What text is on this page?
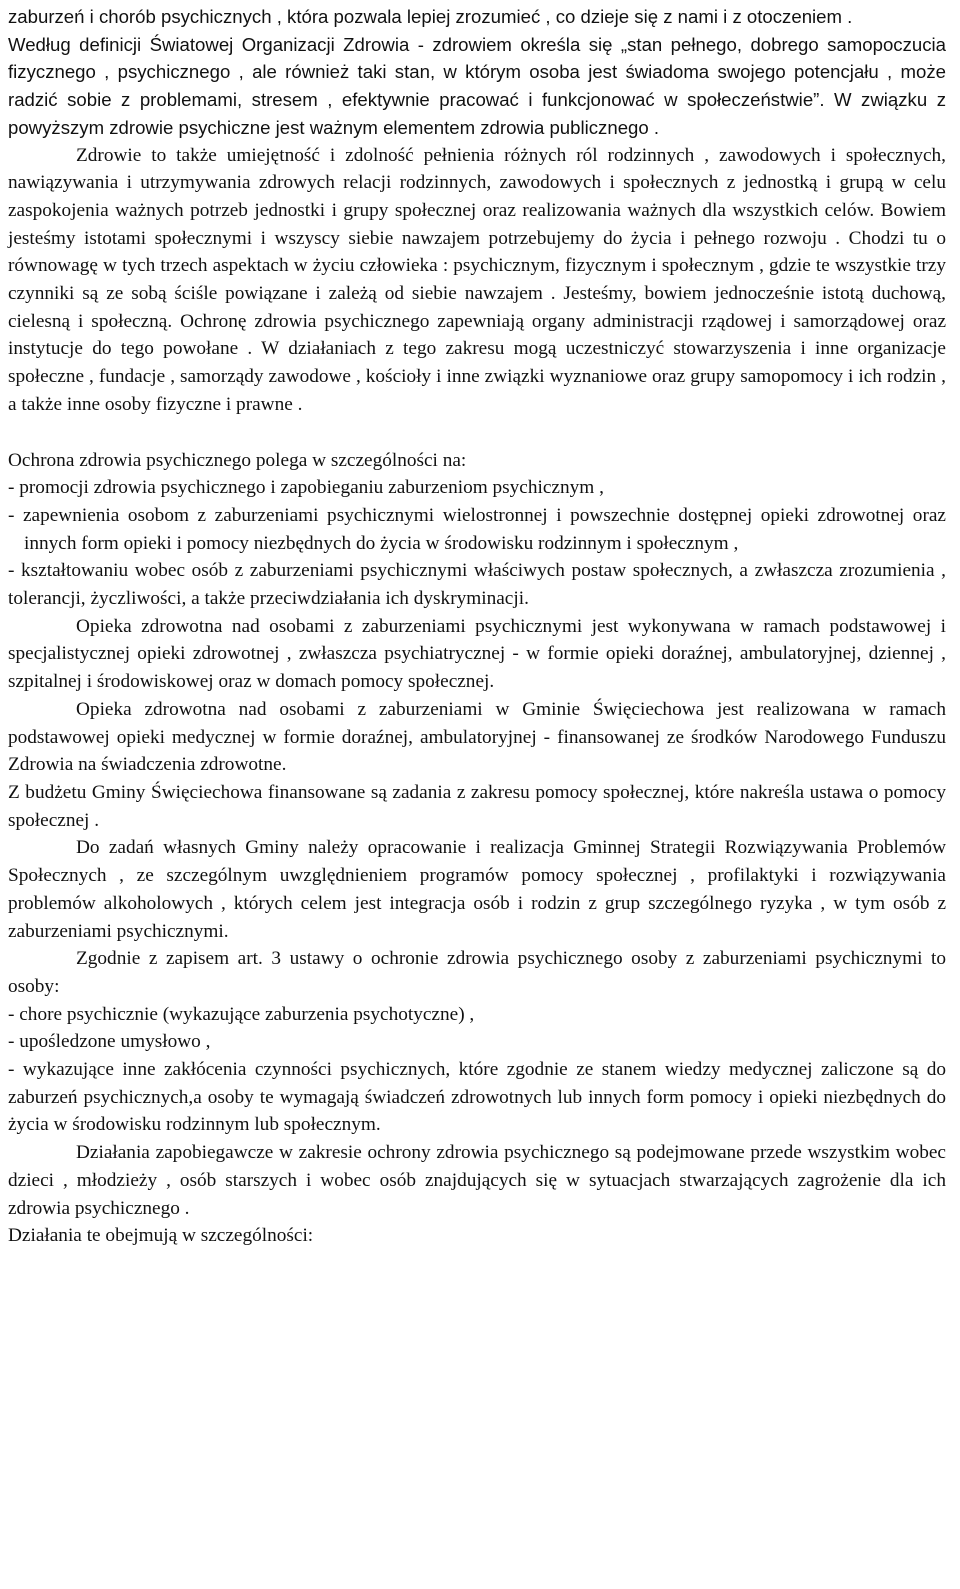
zaburzeń i chorób psychicznych , która pozwala lepiej zrozumieć , co dzieje się z nami i z otoczeniem .

Według definicji Światowej Organizacji Zdrowia - zdrowiem określa się „stan pełnego, dobrego samopoczucia fizycznego , psychicznego , ale również taki stan, w którym osoba jest świadoma swojego potencjału , może radzić sobie z problemami, stresem , efektywnie pracować i funkcjonować w społeczeństwie”. W związku z powyższym zdrowie psychiczne jest ważnym elementem zdrowia publicznego .

Zdrowie to także umiejętność i zdolność pełnienia różnych ról rodzinnych , zawodowych i społecznych, nawiązywania i utrzymywania zdrowych relacji rodzinnych, zawodowych i społecznych z jednostką i grupą w celu zaspokojenia ważnych potrzeb jednostki i grupy społecznej oraz realizowania ważnych dla wszystkich celów. Bowiem jesteśmy istotami społecznymi i wszyscy siebie nawzajem potrzebujemy do życia i pełnego rozwoju . Chodzi tu o równowagę w tych trzech aspektach w życiu człowieka : psychicznym, fizycznym i społecznym , gdzie te wszystkie trzy czynniki są ze sobą ściśle powiązane i zależą od siebie nawzajem . Jesteśmy, bowiem jednocześnie istotą duchową, cielesną i społeczną. Ochronę zdrowia psychicznego zapewniają organy administracji rządowej i samorządowej oraz instytucje do tego powołane . W działaniach z tego zakresu mogą uczestniczyć stowarzyszenia i inne organizacje społeczne , fundacje , samorządy zawodowe , kościoły i inne związki wyznaniowe oraz grupy samopomocy i ich rodzin , a także inne osoby fizyczne i prawne .

Ochrona zdrowia psychicznego polega w szczególności na:

- promocji zdrowia psychicznego i zapobieganiu zaburzeniom psychicznym ,
- zapewnienia osobom z zaburzeniami psychicznymi wielostronnej i powszechnie dostępnej opieki zdrowotnej oraz innych form opieki i pomocy niezbędnych do życia w środowisku rodzinnym i społecznym ,
- kształtowaniu wobec osób z zaburzeniami psychicznymi właściwych postaw społecznych, a zwłaszcza zrozumienia , tolerancji, życzliwości, a także przeciwdziałania ich dyskryminacji.

Opieka zdrowotna nad osobami z zaburzeniami psychicznymi jest wykonywana w ramach podstawowej i specjalistycznej opieki zdrowotnej , zwłaszcza psychiatrycznej - w formie opieki doraźnej, ambulatoryjnej, dziennej , szpitalnej i środowiskowej oraz w domach pomocy społecznej.

Opieka zdrowotna nad osobami z zaburzeniami w Gminie Święciechowa jest realizowana w ramach podstawowej opieki medycznej w formie doraźnej, ambulatoryjnej - finansowanej ze środków Narodowego Funduszu Zdrowia na świadczenia zdrowotne.

Z budżetu Gminy Święciechowa finansowane są zadania z zakresu pomocy społecznej, które nakreśla ustawa o pomocy społecznej .

Do zadań własnych Gminy należy opracowanie i realizacja Gminnej Strategii Rozwiązywania Problemów Społecznych , ze szczególnym uwzględnieniem programów pomocy społecznej , profilaktyki i rozwiązywania problemów alkoholowych , których celem jest integracja osób i rodzin z grup szczególnego ryzyka , w tym osób z zaburzeniami psychicznymi.

Zgodnie z zapisem art. 3 ustawy o ochronie zdrowia psychicznego osoby z zaburzeniami psychicznymi to osoby:

- chore psychicznie (wykazujące zaburzenia psychotyczne) ,
- upośledzone umysłowo ,
- wykazujące inne zakłócenia czynności psychicznych, które zgodnie ze stanem wiedzy medycznej zaliczone są do zaburzeń psychicznych,a osoby te wymagają świadczeń zdrowotnych lub innych form pomocy i opieki niezbędnych do życia w środowisku rodzinnym lub społecznym.

Działania zapobiegawcze w zakresie ochrony zdrowia psychicznego są podejmowane przede wszystkim wobec dzieci , młodzieży , osób starszych i wobec osób znajdujących się w sytuacjach stwarzających zagrożenie dla ich zdrowia psychicznego .

Działania te obejmują w szczególności:
